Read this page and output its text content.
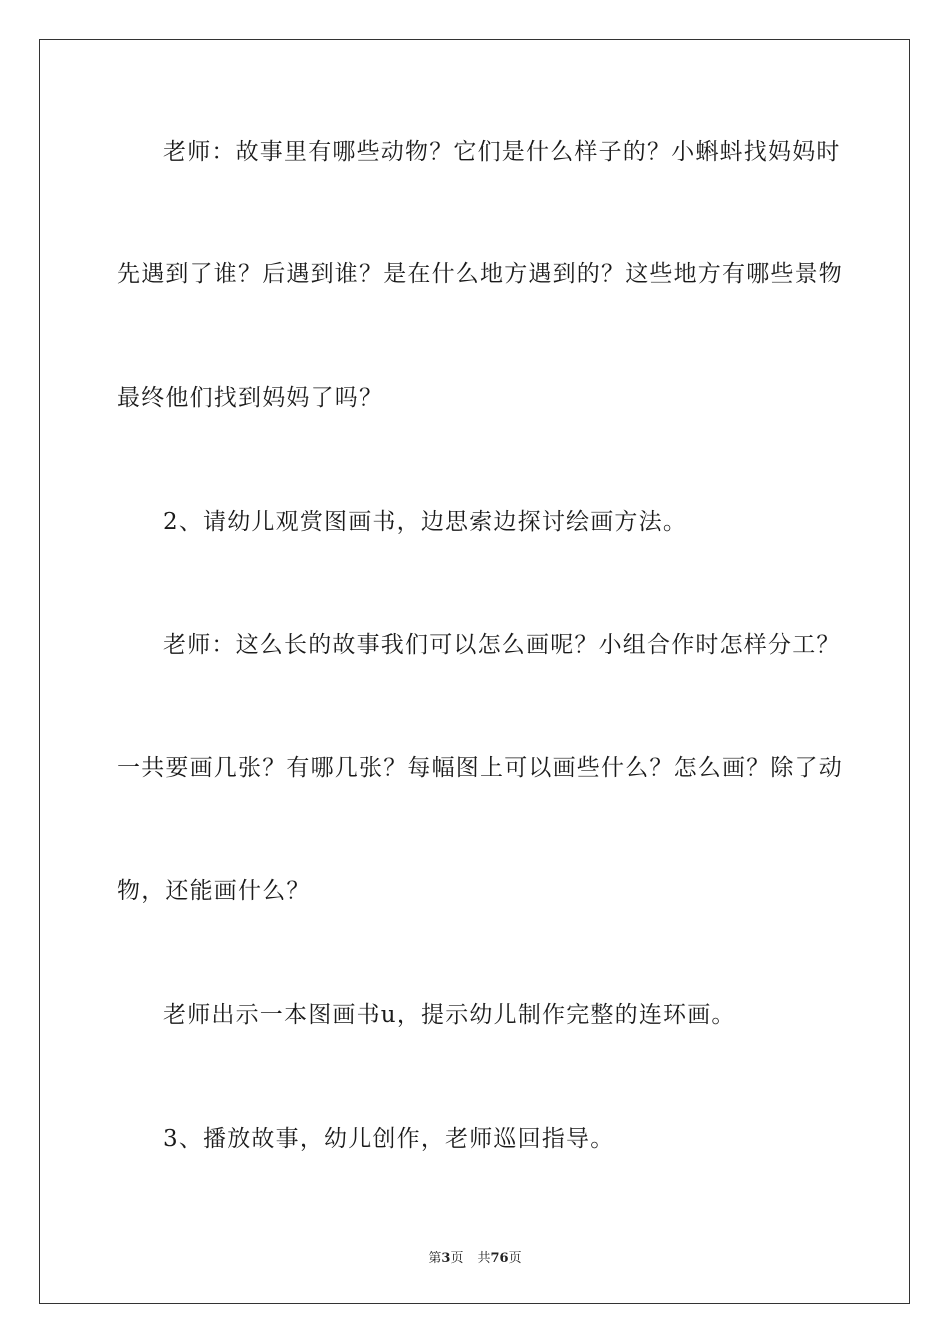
老师：故事里有哪些动物？它们是什么样子的？小蝌蚪找妈妈时
先遇到了谁？后遇到谁？是在什么地方遇到的？这些地方有哪些景物
最终他们找到妈妈了吗？
2、请幼儿观赏图画书，边思索边探讨绘画方法。
老师：这么长的故事我们可以怎么画呢？小组合作时怎样分工？
一共要画几张？有哪几张？每幅图上可以画些什么？怎么画？除了动
物，还能画什么？
老师出示一本图画书u，提示幼儿制作完整的连环画。
3、播放故事，幼儿创作，老师巡回指导。
第3页 共76页
